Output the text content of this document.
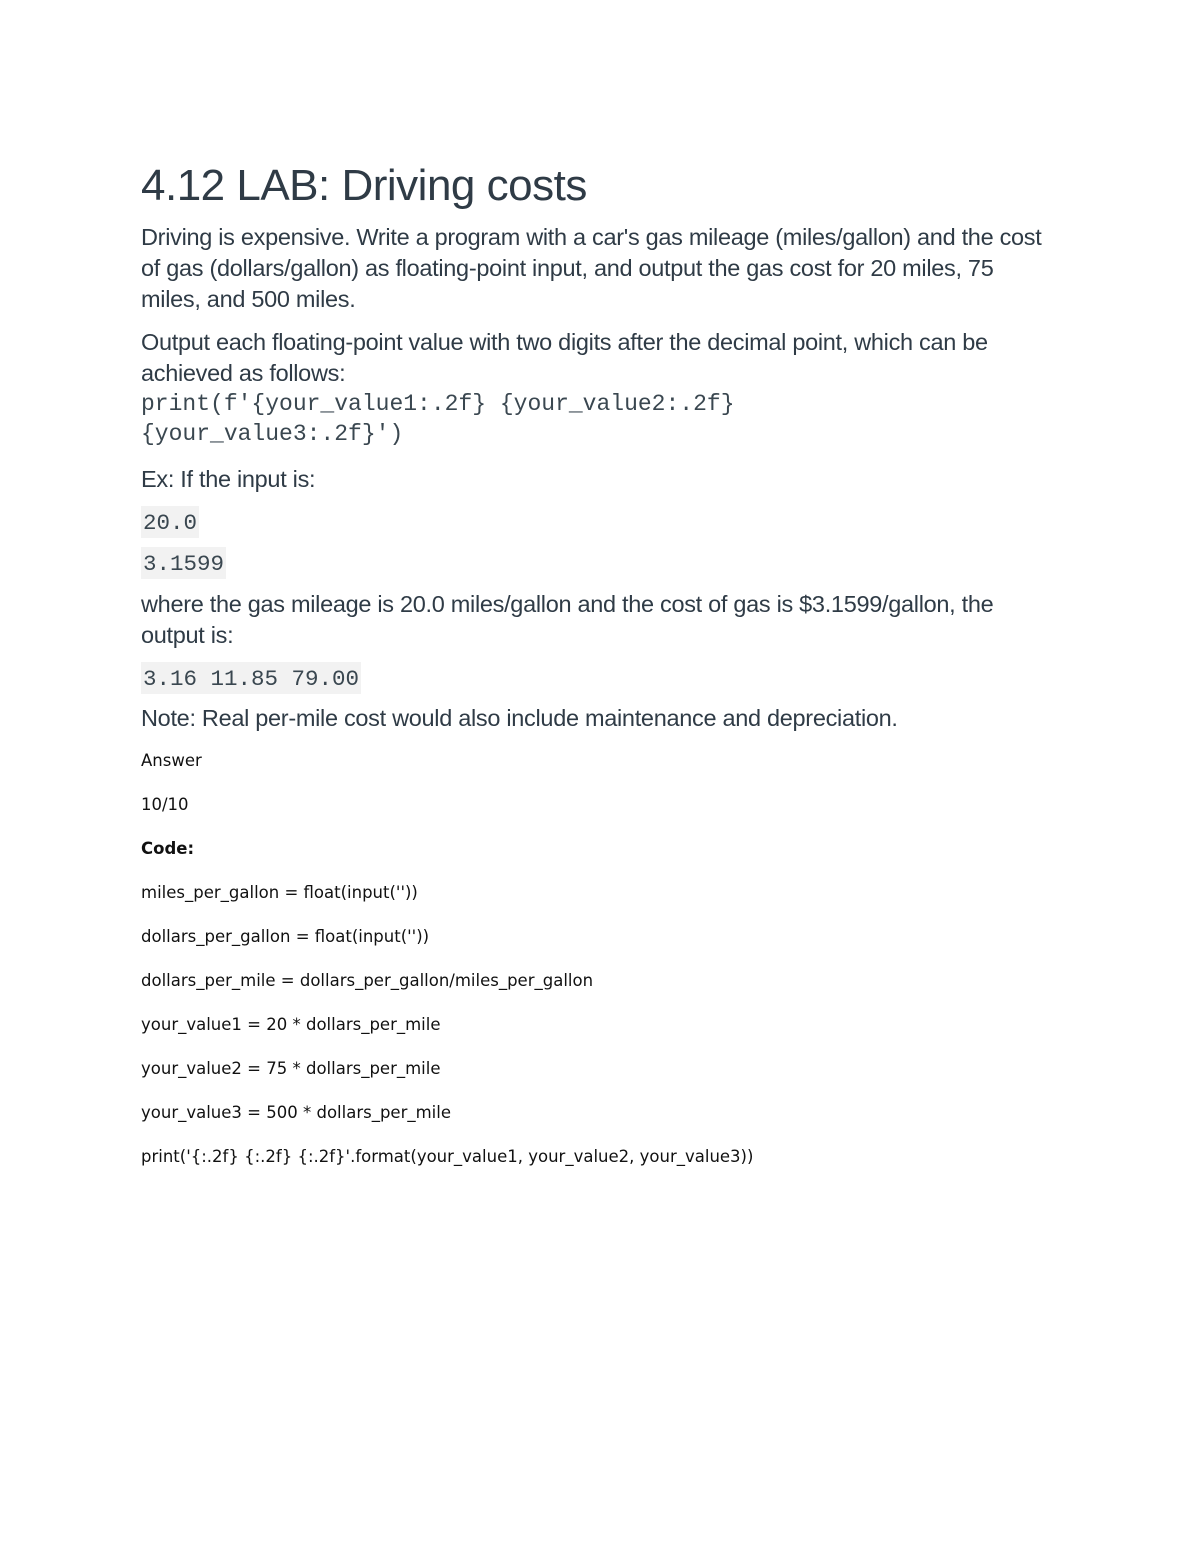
4.12 LAB: Driving costs

Driving is expensive. Write a program with a car's gas mileage (miles/gallon) and the cost of gas (dollars/gallon) as floating-point input, and output the gas cost for 20 miles, 75 miles, and 500 miles.

Output each floating-point value with two digits after the decimal point, which can be achieved as follows:

print(f'{your_value1:.2f} {your_value2:.2f}
{your_value3:.2f}')

Ex: If the input is:

20.0
3.1599

where the gas mileage is 20.0 miles/gallon and the cost of gas is $3.1599/gallon, the output is:

3.16 11.85 79.00

Note: Real per-mile cost would also include maintenance and depreciation.

Answer

10/10

Code:

miles_per_gallon = float(input(''))

dollars_per_gallon = float(input(''))

dollars_per_mile = dollars_per_gallon/miles_per_gallon

your_value1 = 20 * dollars_per_mile

your_value2 = 75 * dollars_per_mile

your_value3 = 500 * dollars_per_mile

print('{:.2f} {:.2f} {:.2f}'.format(your_value1, your_value2, your_value3))
